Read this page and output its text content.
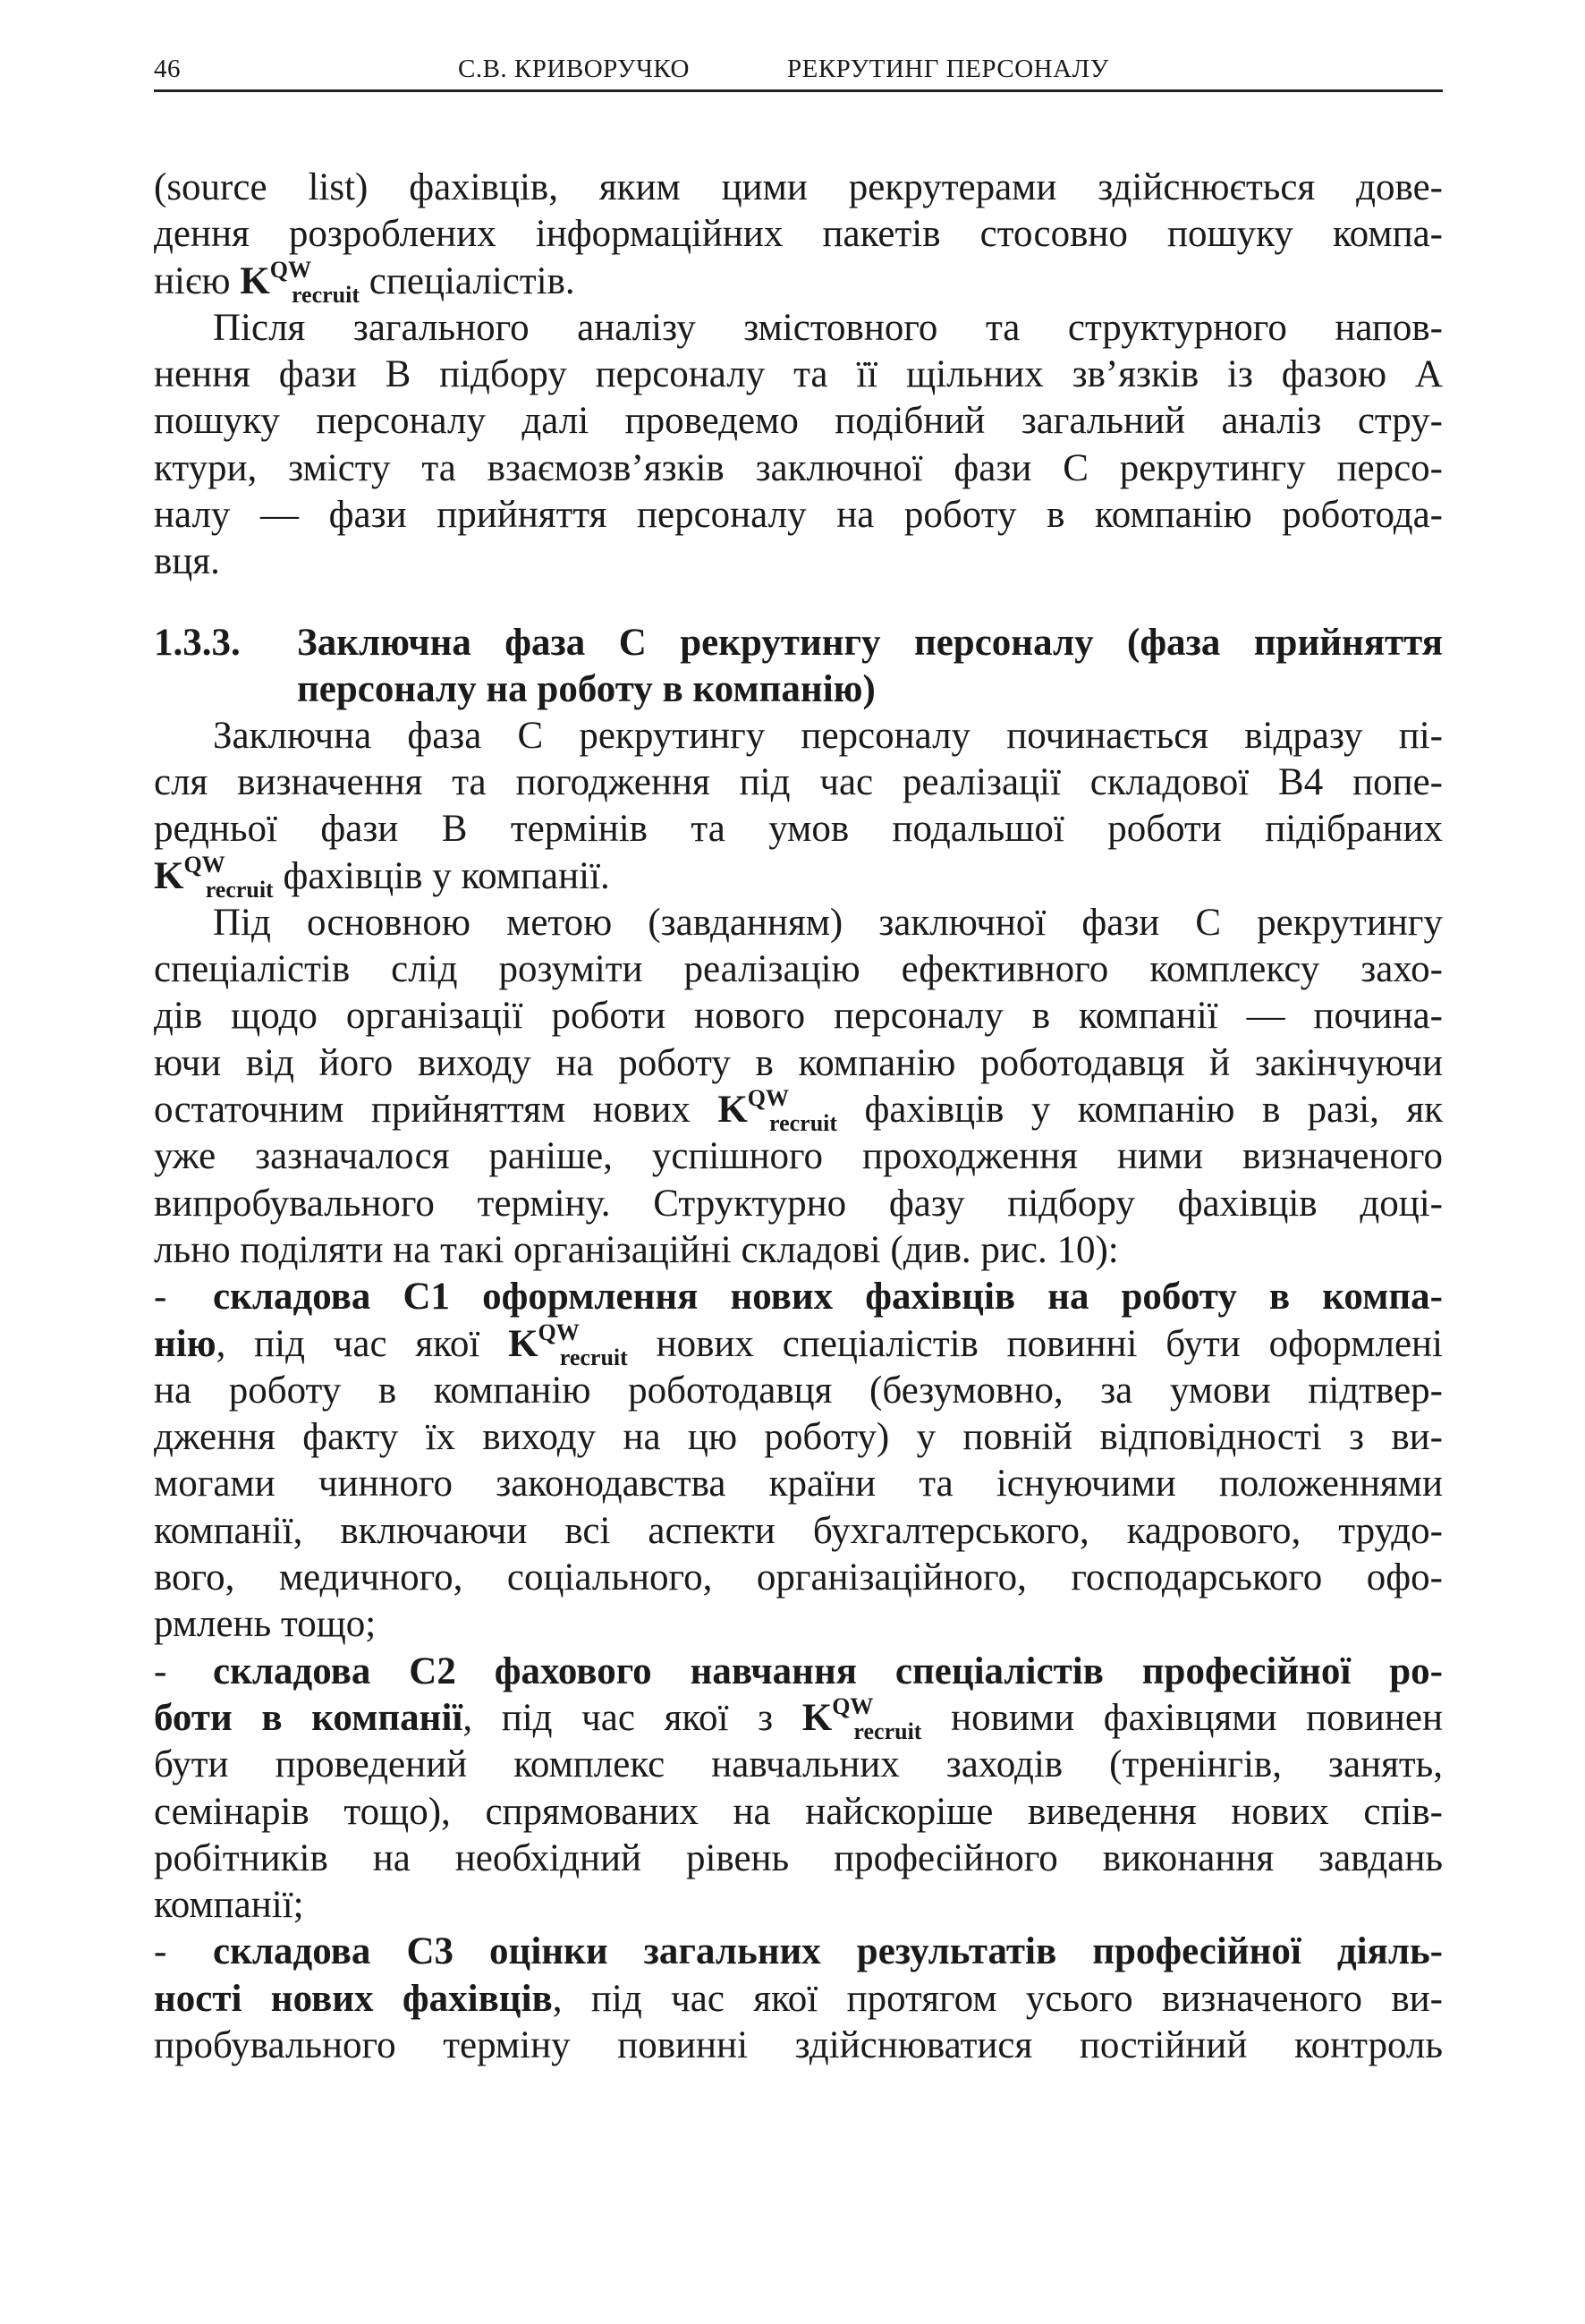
46	С.В. КРИВОРУЧКО	РЕКРУТИНГ ПЕРСОНАЛУ
(source list) фахівців, яким цими рекрутерами здійснюється дове-
дення розроблених інформаційних пакетів стосовно пошуку компа-
нією $K^{QW}_{recruit}$ спеціалістів.
Після загального аналізу змістовного та структурного напов-
нення фази B підбору персоналу та її щільних зв’язків із фазою A
пошуку персоналу далі проведемо подібний загальний аналіз стру-
ктури, змісту та взаємозв’язків заключної фази C рекрутингу персо-
налу — фази прийняття персоналу на роботу в компанію роботода-
вця.
1.3.3. Заключна фаза C рекрутингу персоналу (фаза прийняття
персоналу на роботу в компанію)
Заключна фаза C рекрутингу персоналу починається відразу пі-
сля визначення та погодження під час реалізації складової B4 попе-
редньої фази B термінів та умов подальшої роботи підібраних
$K^{QW}_{recruit}$ фахівців у компанії.
Під основною метою (завданням) заключної фази C рекрутингу
спеціалістів слід розуміти реалізацію ефективного комплексу захо-
дів щодо організації роботи нового персоналу в компанії — почина-
ючи від його виходу на роботу в компанію роботодавця й закінчуючи
остаточним прийняттям нових $K^{QW}_{recruit}$ фахівців у компанію в разі, як
уже зазначалося раніше, успішного проходження ними визначеного
випробувального терміну. Структурно фазу підбору фахівців доці-
льно поділяти на такі організаційні складові (див. рис. 10):
- складова C1 оформлення нових фахівців на роботу в компа-
нію, під час якої $K^{QW}_{recruit}$ нових спеціалістів повинні бути оформлені
на роботу в компанію роботодавця (безумовно, за умови підтвер-
дження факту їх виходу на цю роботу) у повній відповідності з ви-
могами чинного законодавства країни та існуючими положеннями
компанії, включаючи всі аспекти бухгалтерського, кадрового, трудо-
вого, медичного, соціального, організаційного, господарського офо-
рмлень тощо;
- складова C2 фахового навчання спеціалістів професійної ро-
боти в компанії, під час якої з $K^{QW}_{recruit}$ новими фахівцями повинен
бути проведений комплекс навчальних заходів (тренінгів, занять,
семінарів тощо), спрямованих на найскоріше виведення нових спів-
робітників на необхідний рівень професійного виконання завдань
компанії;
- складова C3 оцінки загальних результатів професійної діяль-
ності нових фахівців, під час якої протягом усього визначеного ви-
пробувального терміну повинні здійснюватися постійний контроль
